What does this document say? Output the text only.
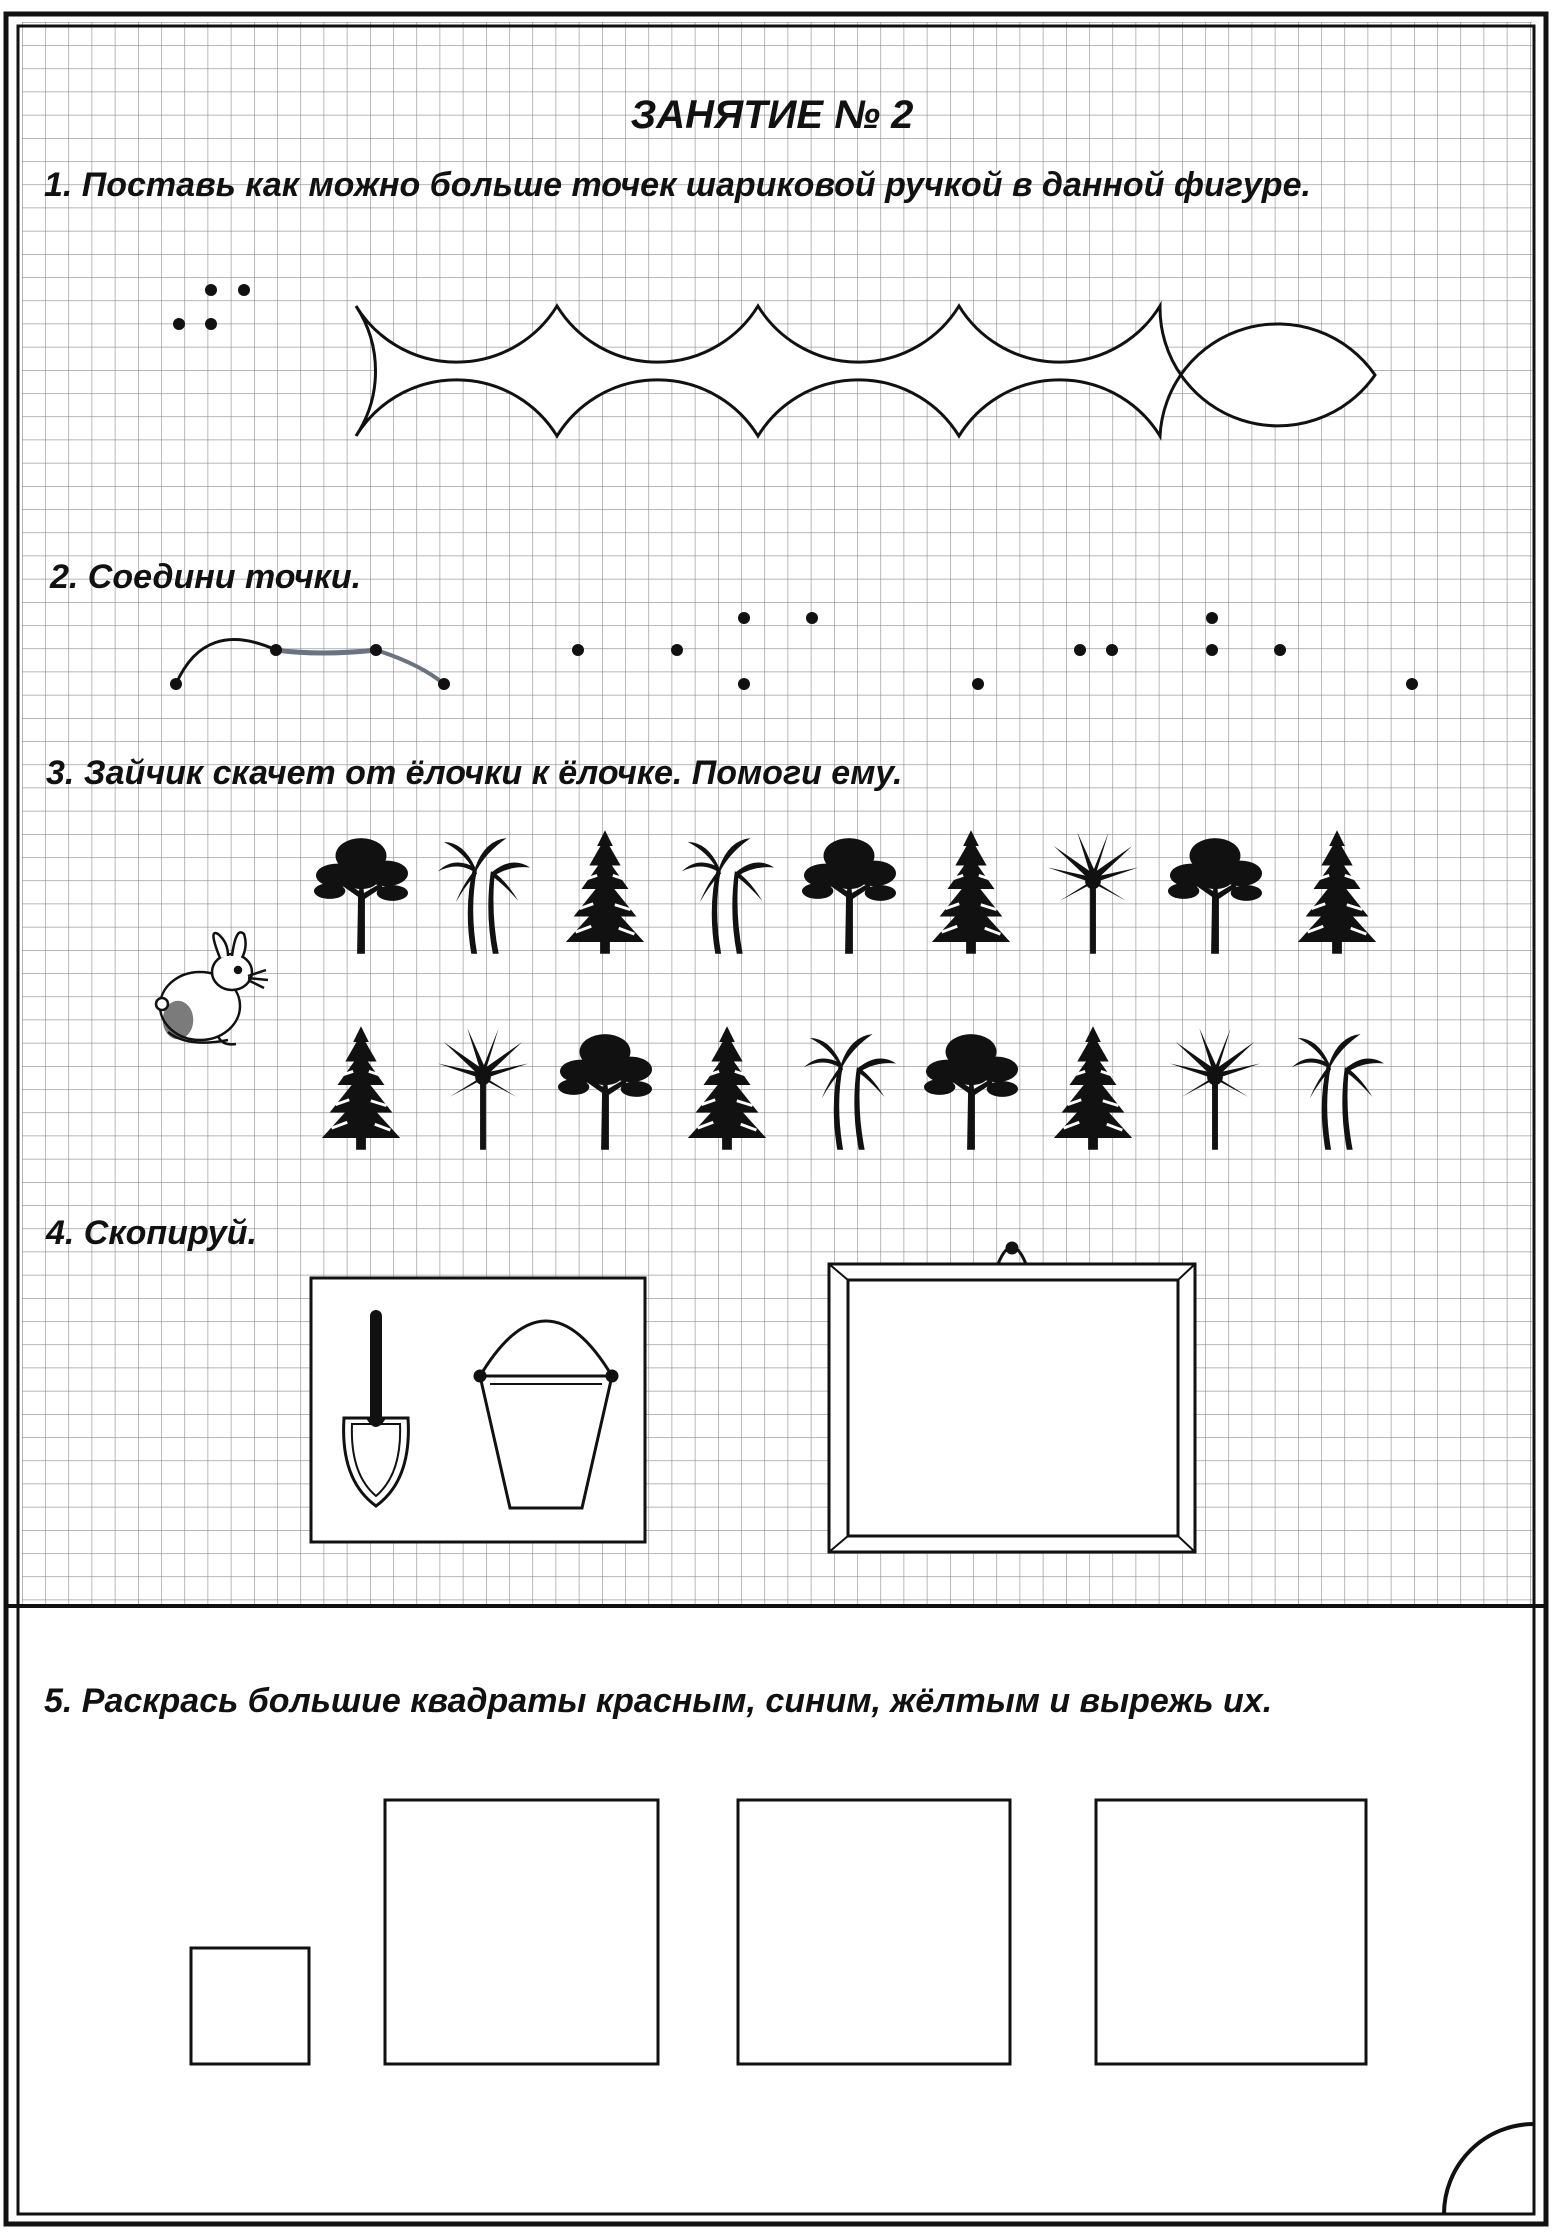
ЗАНЯТИЕ № 2
1. Поставь как можно больше точек шариковой ручкой в данной фигуре.
2. Соедини точки.
3. Зайчик скачет от ёлочки к ёлочке. Помоги ему.
4. Скопируй.
5. Раскрась большие квадраты красным, синим, жёлтым и вырежь их.
